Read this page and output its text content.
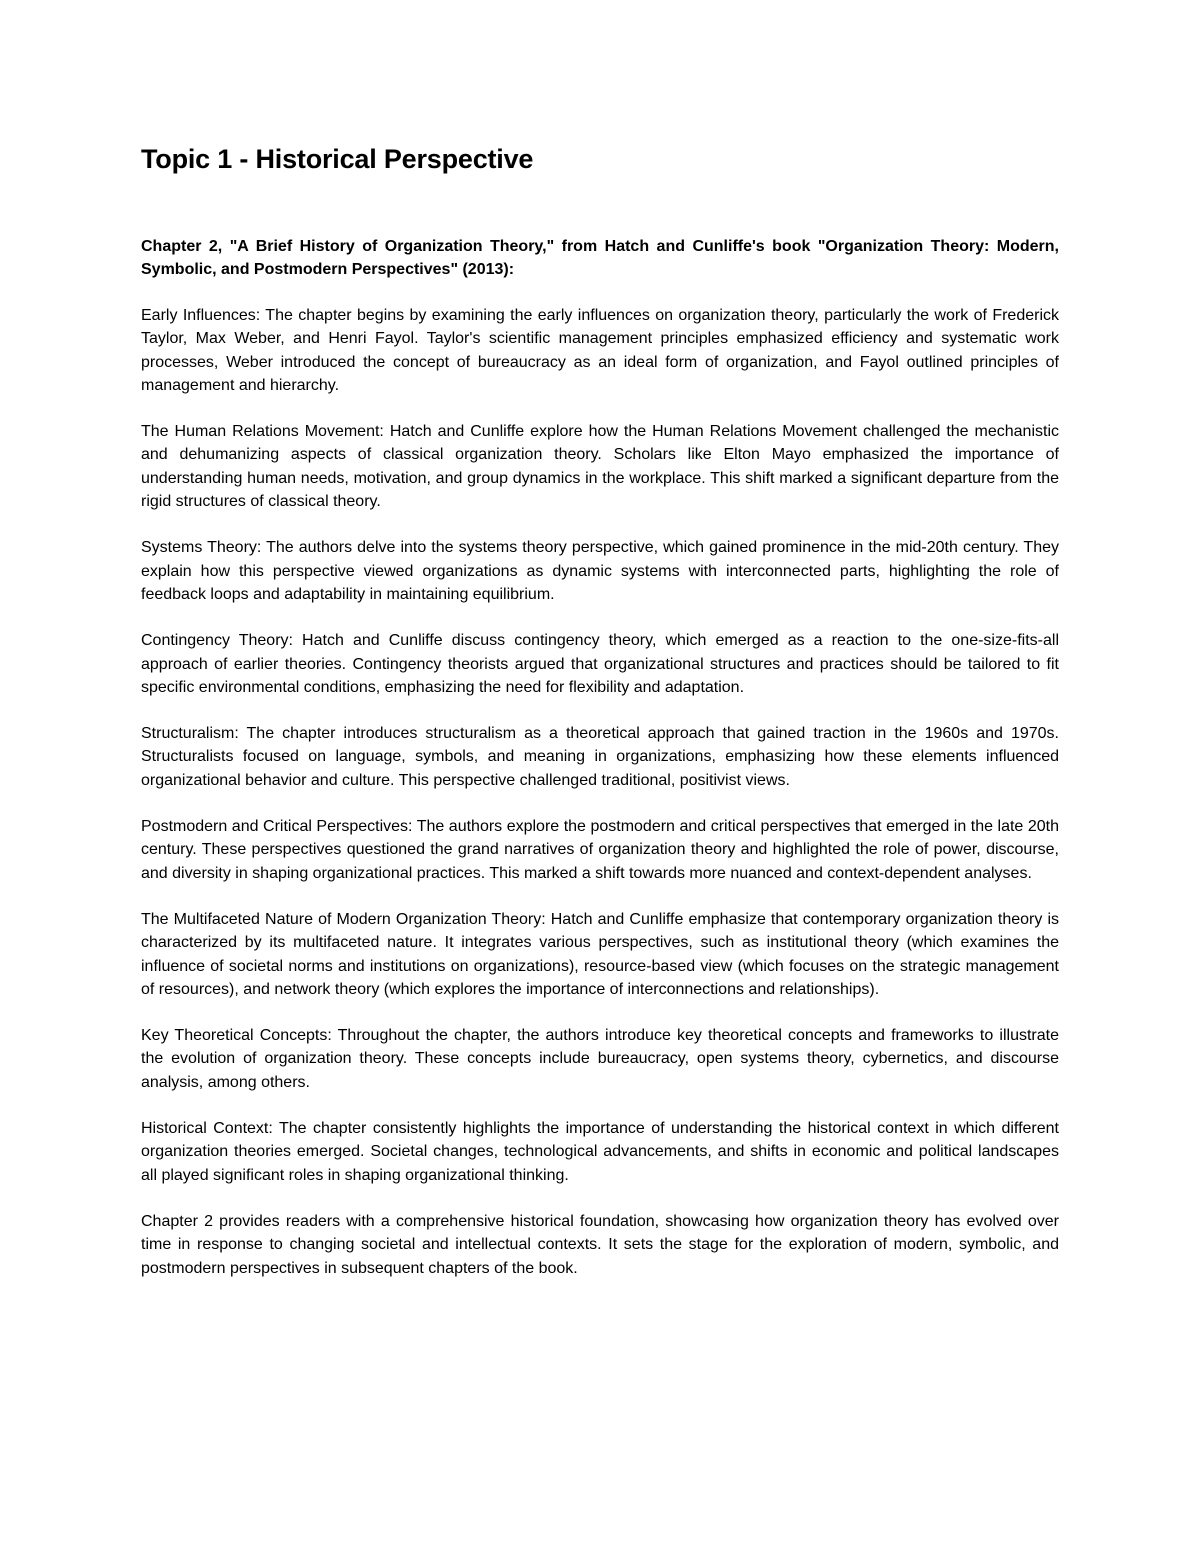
Topic 1 - Historical Perspective

Chapter 2, "A Brief History of Organization Theory," from Hatch and Cunliffe's book "Organization Theory: Modern, Symbolic, and Postmodern Perspectives" (2013):

Early Influences: The chapter begins by examining the early influences on organization theory, particularly the work of Frederick Taylor, Max Weber, and Henri Fayol. Taylor's scientific management principles emphasized efficiency and systematic work processes, Weber introduced the concept of bureaucracy as an ideal form of organization, and Fayol outlined principles of management and hierarchy.

The Human Relations Movement: Hatch and Cunliffe explore how the Human Relations Movement challenged the mechanistic and dehumanizing aspects of classical organization theory. Scholars like Elton Mayo emphasized the importance of understanding human needs, motivation, and group dynamics in the workplace. This shift marked a significant departure from the rigid structures of classical theory.

Systems Theory: The authors delve into the systems theory perspective, which gained prominence in the mid-20th century. They explain how this perspective viewed organizations as dynamic systems with interconnected parts, highlighting the role of feedback loops and adaptability in maintaining equilibrium.

Contingency Theory: Hatch and Cunliffe discuss contingency theory, which emerged as a reaction to the one-size-fits-all approach of earlier theories. Contingency theorists argued that organizational structures and practices should be tailored to fit specific environmental conditions, emphasizing the need for flexibility and adaptation.

Structuralism: The chapter introduces structuralism as a theoretical approach that gained traction in the 1960s and 1970s. Structuralists focused on language, symbols, and meaning in organizations, emphasizing how these elements influenced organizational behavior and culture. This perspective challenged traditional, positivist views.

Postmodern and Critical Perspectives: The authors explore the postmodern and critical perspectives that emerged in the late 20th century. These perspectives questioned the grand narratives of organization theory and highlighted the role of power, discourse, and diversity in shaping organizational practices. This marked a shift towards more nuanced and context-dependent analyses.

The Multifaceted Nature of Modern Organization Theory: Hatch and Cunliffe emphasize that contemporary organization theory is characterized by its multifaceted nature. It integrates various perspectives, such as institutional theory (which examines the influence of societal norms and institutions on organizations), resource-based view (which focuses on the strategic management of resources), and network theory (which explores the importance of interconnections and relationships).

Key Theoretical Concepts: Throughout the chapter, the authors introduce key theoretical concepts and frameworks to illustrate the evolution of organization theory. These concepts include bureaucracy, open systems theory, cybernetics, and discourse analysis, among others.

Historical Context: The chapter consistently highlights the importance of understanding the historical context in which different organization theories emerged. Societal changes, technological advancements, and shifts in economic and political landscapes all played significant roles in shaping organizational thinking.

Chapter 2 provides readers with a comprehensive historical foundation, showcasing how organization theory has evolved over time in response to changing societal and intellectual contexts. It sets the stage for the exploration of modern, symbolic, and postmodern perspectives in subsequent chapters of the book.
